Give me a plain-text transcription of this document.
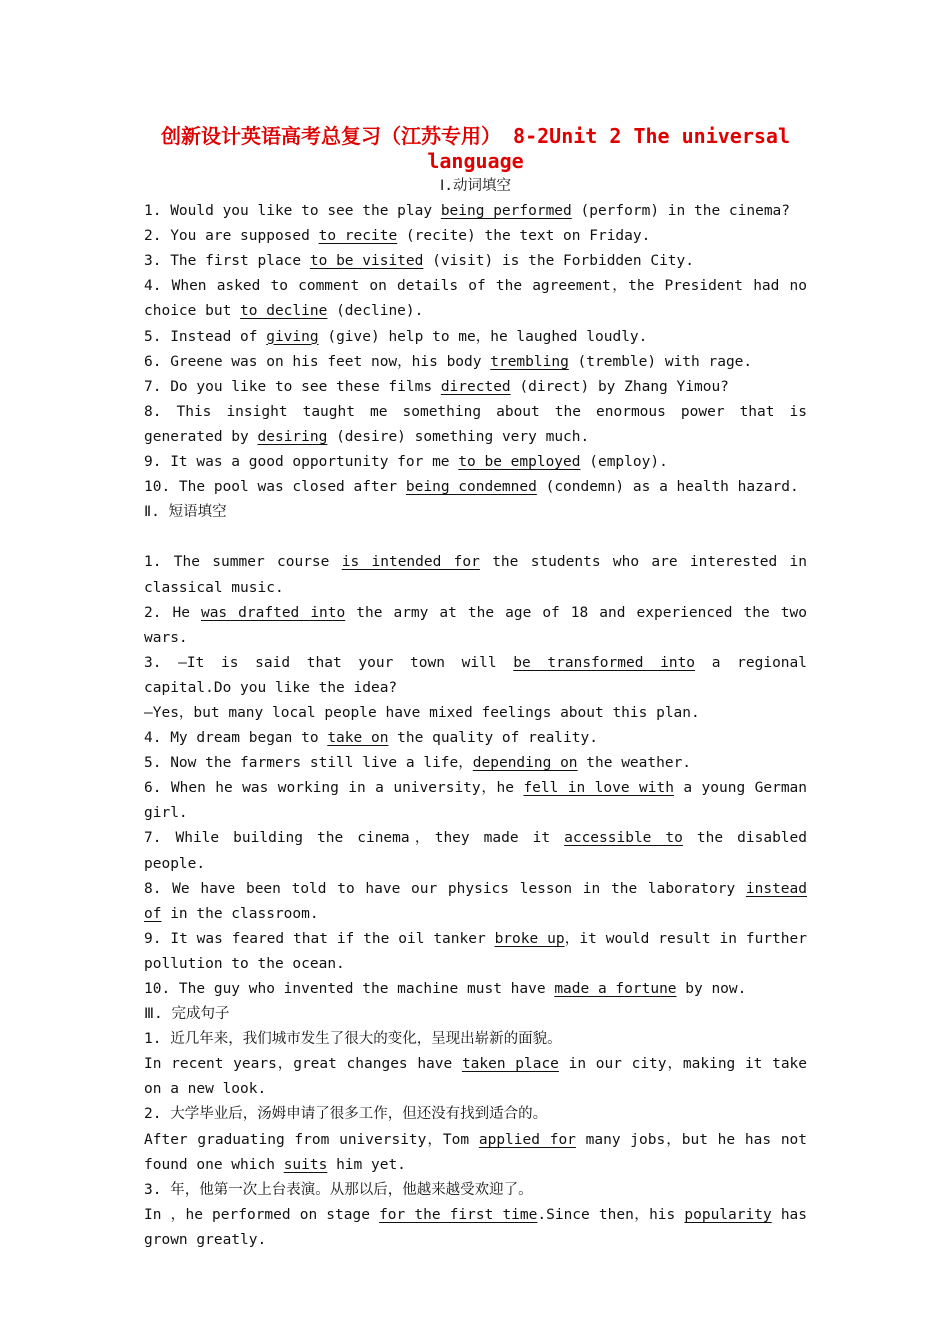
创新设计英语高考总复习（江苏专用） 8-2Unit 2 The universal
language
Ⅰ.动词填空
1. Would you like to see the play being performed (perform) in the cinema?
2. You are supposed to recite (recite) the text on Friday.
3. The first place to be visited (visit) is the Forbidden City.
4. When asked to comment on details of the agreement，the President had no choice but to decline (decline).
5. Instead of giving (give) help to me，he laughed loudly.
6. Greene was on his feet now，his body trembling (tremble) with rage.
7. Do you like to see these films directed (direct) by Zhang Yimou?
8. This insight taught me something about the enormous power that is generated by desiring (desire) something very much.
9. It was a good opportunity for me to be employed (employ).
10. The pool was closed after being condemned (condemn) as a health hazard.
Ⅱ. 短语填空
1. The summer course is intended for the students who are interested in classical music.
2. He was drafted into the army at the age of 18 and experienced the two wars.
3. —It is said that your town will be transformed into a regional capital.Do you like the idea?
—Yes，but many local people have mixed feelings about this plan.
4. My dream began to take on the quality of reality.
5. Now the farmers still live a life，depending on the weather.
6. When he was working in a university，he fell in love with a young German girl.
7. While building the cinema，they made it accessible to the disabled people.
8. We have been told to have our physics lesson in the laboratory instead of in the classroom.
9. It was feared that if the oil tanker broke up，it would result in further pollution to the ocean.
10. The guy who invented the machine must have made a fortune by now.
Ⅲ. 完成句子
1. 近几年来，我们城市发生了很大的变化，呈现出崭新的面貌。
In recent years，great changes have taken place in our city，making it take on a new look.
2. 大学毕业后，汤姆申请了很多工作，但还没有找到适合的。
After graduating from university，Tom applied for many jobs，but he has not found one which suits him yet.
3. 年，他第一次上台表演。从那以后，他越来越受欢迎了。
In ，he performed on stage for the first time.Since then，his popularity has grown greatly.
